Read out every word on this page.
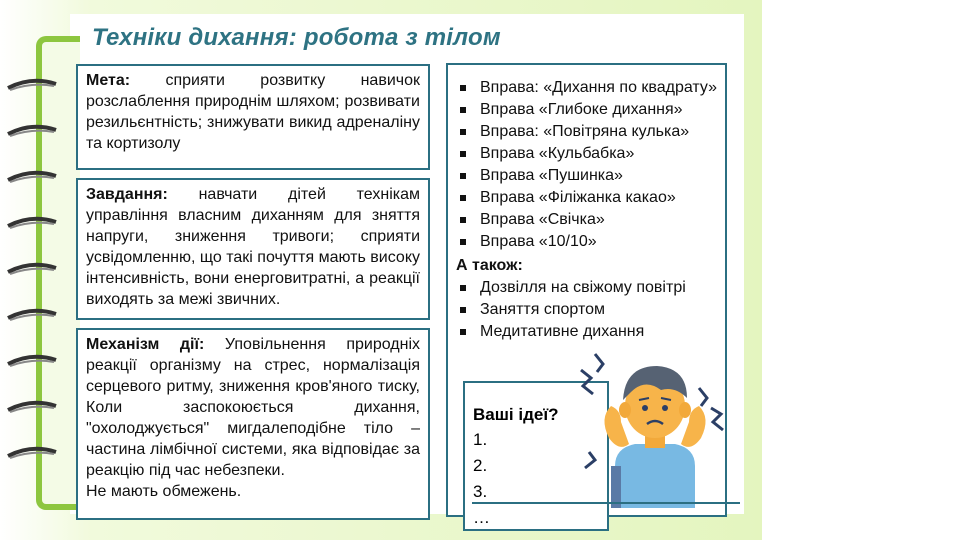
Техніки дихання: робота з тілом
Мета: сприяти розвитку навичок розслаблення природнім шляхом; розвивати резильєнтність; знижувати викид адреналіну та кортизолу
Завдання: навчати дітей технікам управління власним диханням для зняття напруги, зниження тривоги; сприяти усвідомленню, що такі почуття мають високу інтенсивність, вони енерговитратні, а реакції виходять за межі звичних.
Механізм дії: Уповільнення природніх реакції організму на стрес, нормалізація серцевого ритму, зниження кров'яного тиску, Коли заспокоюється дихання, "охолоджується" мигдалеподібне тіло – частина лімбічної системи, яка відповідає за реакцію під час небезпеки.
Не мають обмежень.
Вправа: «Дихання по квадрату»
Вправа «Глибоке дихання»
Вправа: «Повітряна кулька»
Вправа «Кульбабка»
Вправа «Пушинка»
Вправа «Філіжанка какао»
Вправа «Свічка»
Вправа «10/10»
А також:
Дозвілля на свіжому повітрі
Заняття спортом
Медитативне дихання
Ваші ідеї?
1.
2.
3.
…
